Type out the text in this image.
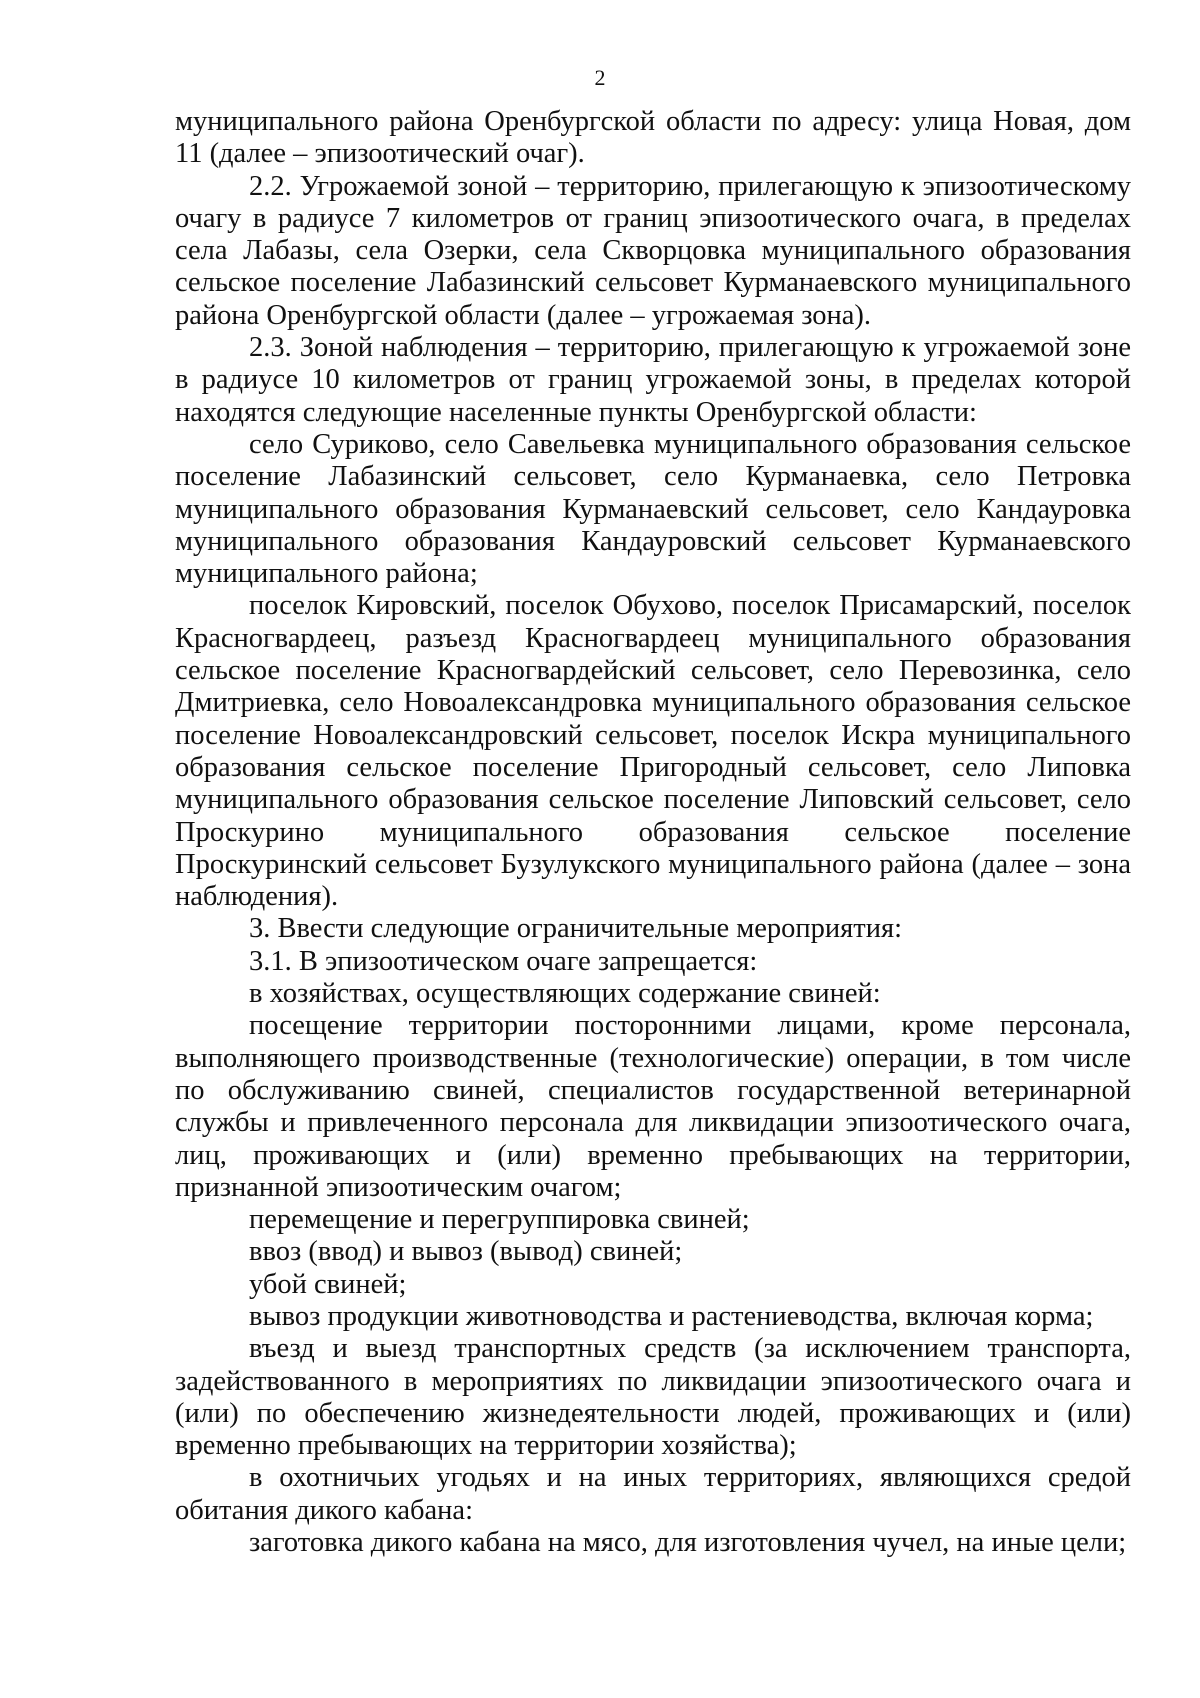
2

муниципального района Оренбургской области по адресу: улица Новая, дом 11 (далее – эпизоотический очаг).

2.2. Угрожаемой зоной – территорию, прилегающую к эпизоотическому очагу в радиусе 7 километров от границ эпизоотического очага, в пределах села Лабазы, села Озерки, села Скворцовка муниципального образования сельское поселение Лабазинский сельсовет Курманаевского муниципального района Оренбургской области (далее – угрожаемая зона).

2.3. Зоной наблюдения – территорию, прилегающую к угрожаемой зоне в радиусе 10 километров от границ угрожаемой зоны, в пределах которой находятся следующие населенные пункты Оренбургской области:

село Суриково, село Савельевка муниципального образования сельское поселение Лабазинский сельсовет, село Курманаевка, село Петровка муниципального образования Курманаевский сельсовет, село Кандауровка муниципального образования Кандауровский сельсовет Курманаевского муниципального района;

поселок Кировский, поселок Обухово, поселок Присамарский, поселок Красногвардеец, разъезд Красногвардеец муниципального образования сельское поселение Красногвардейский сельсовет, село Перевозинка, село Дмитриевка, село Новоалександровка муниципального образования сельское поселение Новоалександровский сельсовет, поселок Искра муниципального образования сельское поселение Пригородный сельсовет, село Липовка муниципального образования сельское поселение Липовский сельсовет, село Проскурино муниципального образования сельское поселение Проскуринский сельсовет Бузулукского муниципального района (далее – зона наблюдения).

3. Ввести следующие ограничительные мероприятия:

3.1. В эпизоотическом очаге запрещается:

в хозяйствах, осуществляющих содержание свиней:

посещение территории посторонними лицами, кроме персонала, выполняющего производственные (технологические) операции, в том числе по обслуживанию свиней, специалистов государственной ветеринарной службы и привлеченного персонала для ликвидации эпизоотического очага, лиц, проживающих и (или) временно пребывающих на территории, признанной эпизоотическим очагом;

перемещение и перегруппировка свиней;

ввоз (ввод) и вывоз (вывод) свиней;

убой свиней;

вывоз продукции животноводства и растениеводства, включая корма;

въезд и выезд транспортных средств (за исключением транспорта, задействованного в мероприятиях по ликвидации эпизоотического очага и (или) по обеспечению жизнедеятельности людей, проживающих и (или) временно пребывающих на территории хозяйства);

в охотничьих угодьях и на иных территориях, являющихся средой обитания дикого кабана:

заготовка дикого кабана на мясо, для изготовления чучел, на иные цели;
